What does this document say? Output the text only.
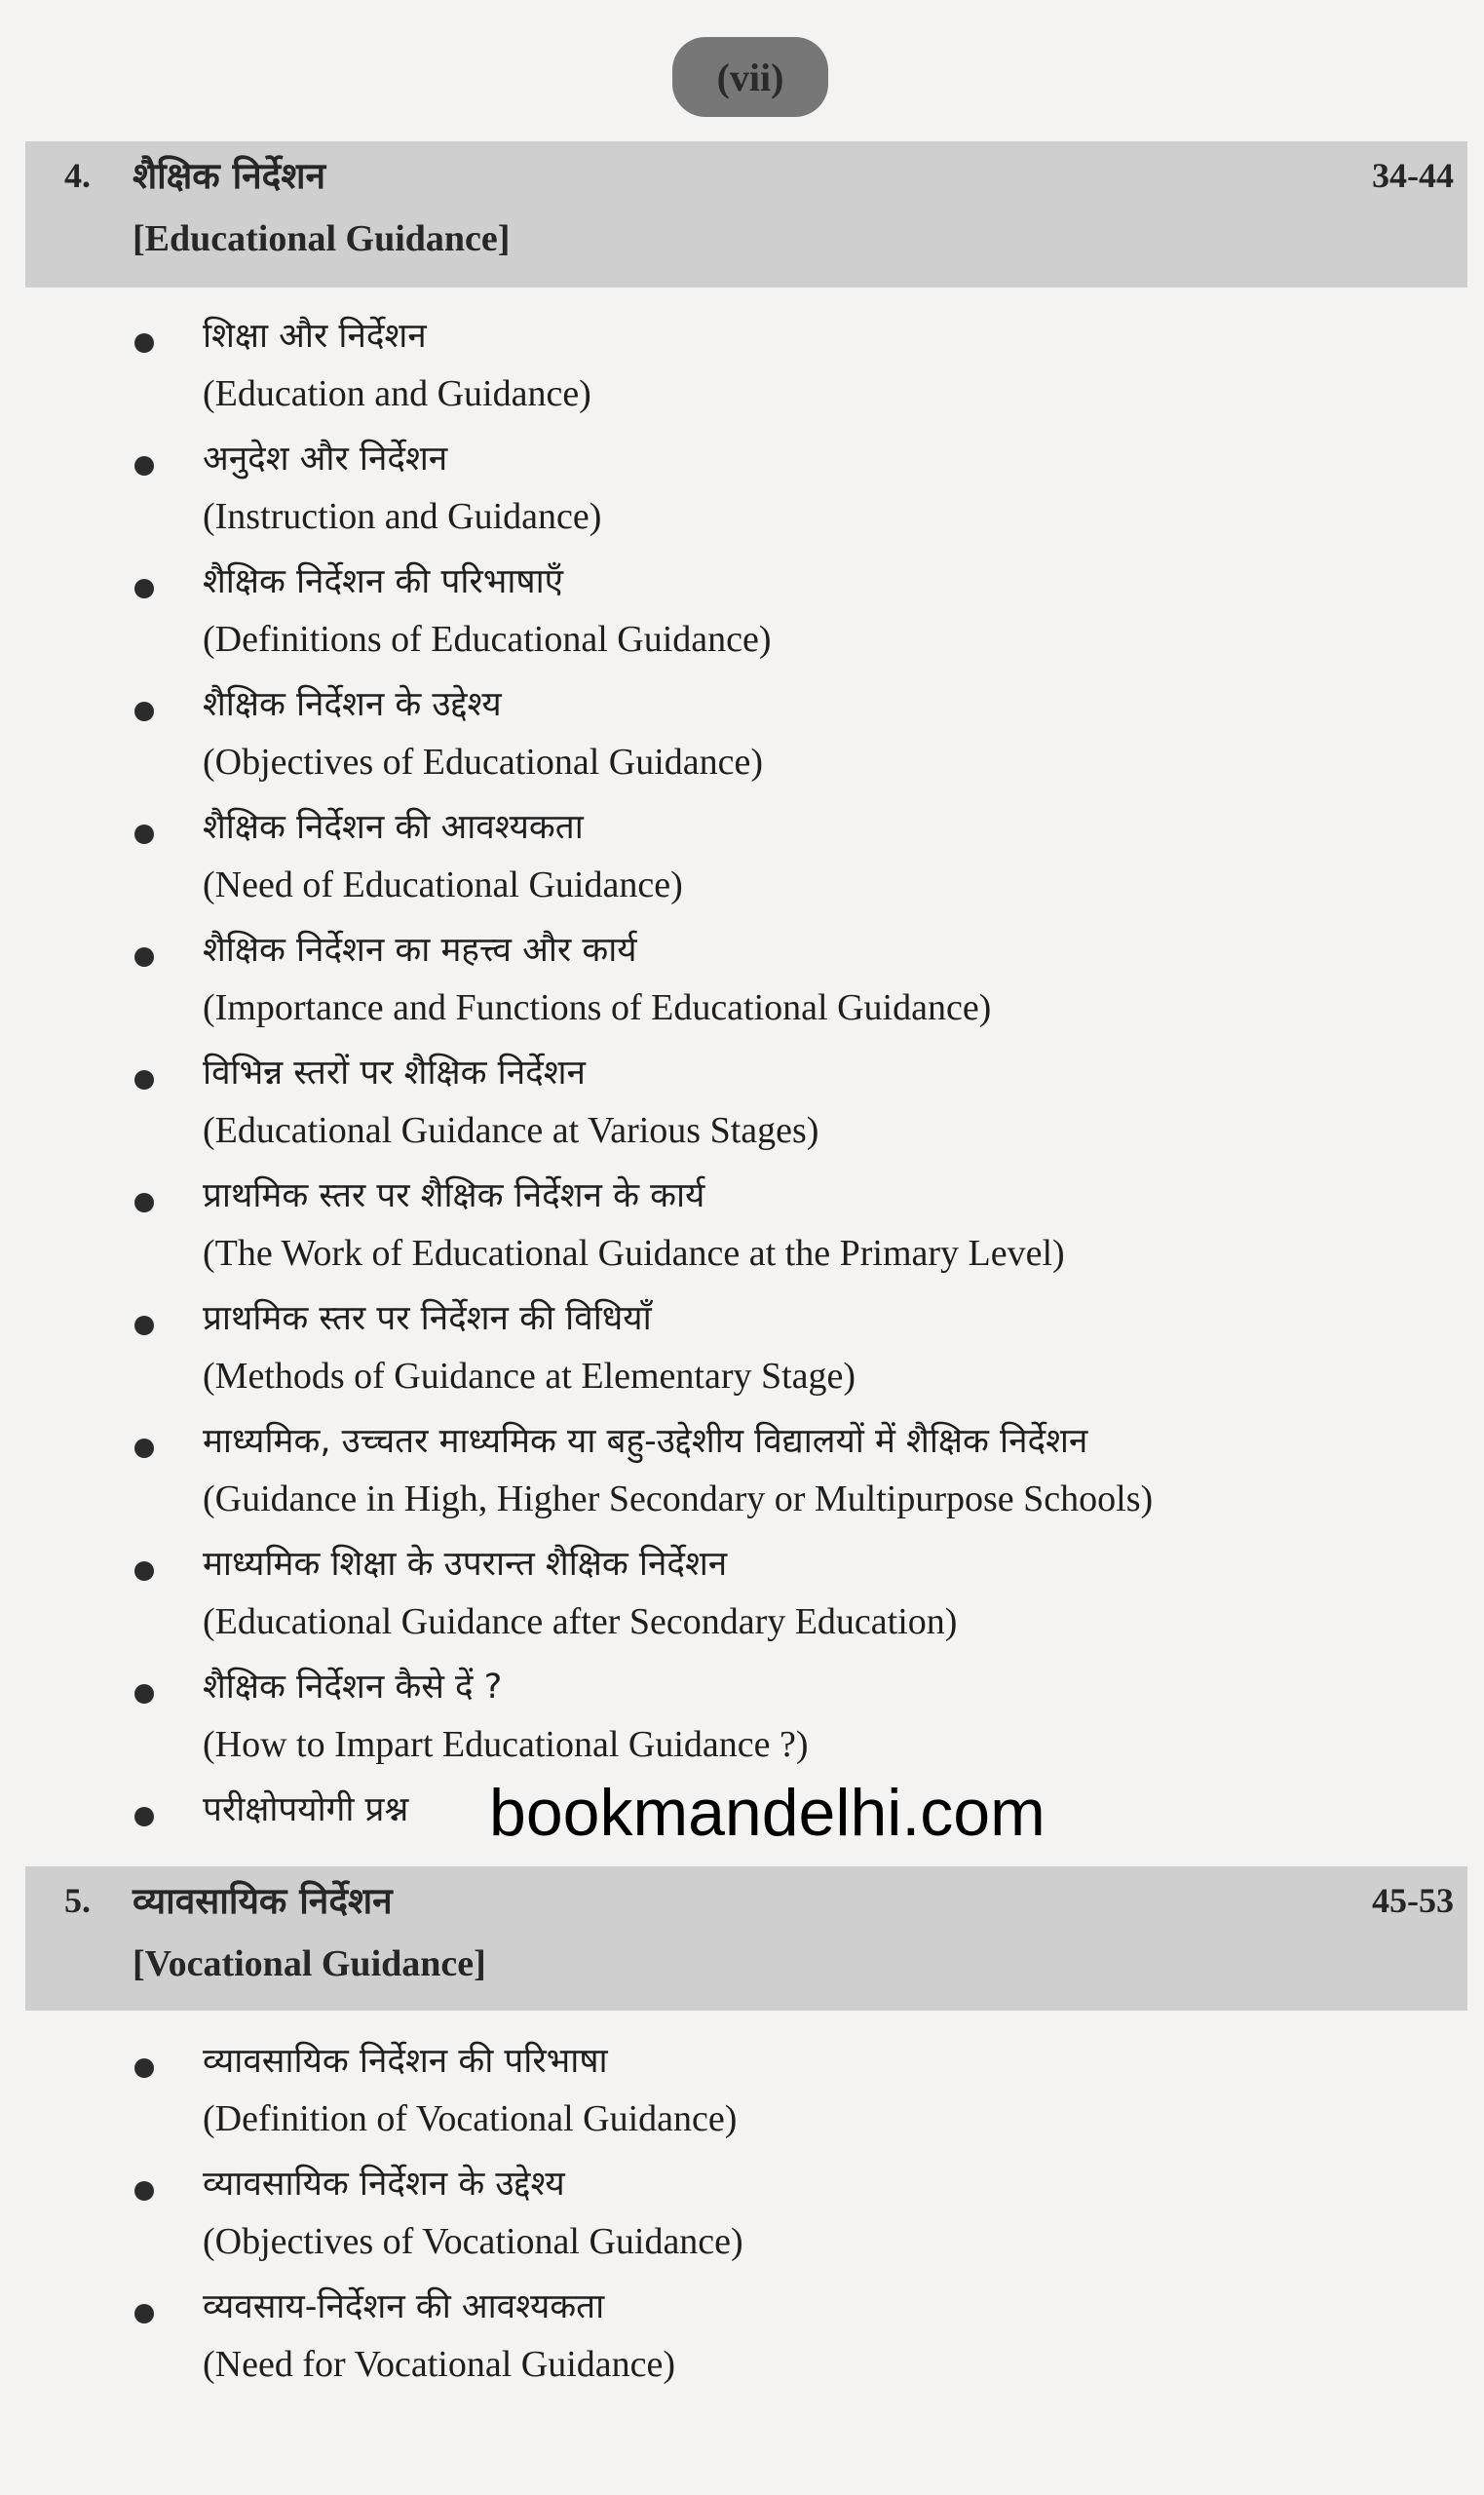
(vii)
4. शैक्षिक निर्देशन
[Educational Guidance]
34-44
शिक्षा और निर्देशन
(Education and Guidance)
अनुदेश और निर्देशन
(Instruction and Guidance)
शैक्षिक निर्देशन की परिभाषाएँ
(Definitions of Educational Guidance)
शैक्षिक निर्देशन के उद्देश्य
(Objectives of Educational Guidance)
शैक्षिक निर्देशन की आवश्यकता
(Need of Educational Guidance)
शैक्षिक निर्देशन का महत्त्व और कार्य
(Importance and Functions of Educational Guidance)
विभिन्न स्तरों पर शैक्षिक निर्देशन
(Educational Guidance at Various Stages)
प्राथमिक स्तर पर शैक्षिक निर्देशन के कार्य
(The Work of Educational Guidance at the Primary Level)
प्राथमिक स्तर पर निर्देशन की विधियाँ
(Methods of Guidance at Elementary Stage)
माध्यमिक, उच्चतर माध्यमिक या बहु-उद्देशीय विद्यालयों में शैक्षिक निर्देशन
(Guidance in High, Higher Secondary or Multipurpose Schools)
माध्यमिक शिक्षा के उपरान्त शैक्षिक निर्देशन
(Educational Guidance after Secondary Education)
शैक्षिक निर्देशन कैसे दें ?
(How to Impart Educational Guidance ?)
परीक्षोपयोगी प्रश्न bookmandelhi.com
5. व्यावसायिक निर्देशन
[Vocational Guidance]
45-53
व्यावसायिक निर्देशन की परिभाषा
(Definition of Vocational Guidance)
व्यावसायिक निर्देशन के उद्देश्य
(Objectives of Vocational Guidance)
व्यवसाय-निर्देशन की आवश्यकता
(Need for Vocational Guidance)
